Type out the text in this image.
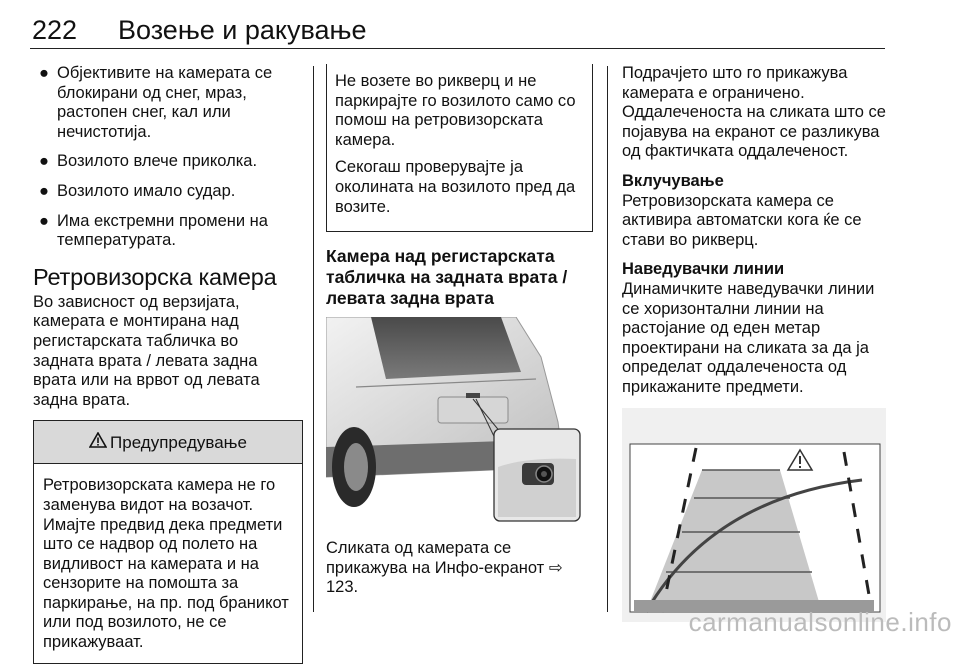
222 Возење и ракување
● Објективите на камерата се блокирани од снег, мраз, растопен снег, кал или нечистотија.
● Возилото влече приколка.
● Возилото имало судар.
● Има екстремни промени на температурата.
Ретровизорска камера

Во зависност од верзијата, камерата е монтирана над регистарската табличка во задната врата / левата задна врата или на врвот од левата задна врата.

Предупредување
Ретровизорската камера не го заменува видот на возачот. Имајте предвид дека предмети што се надвор од полето на видливост на камерата и на сензорите на помошта за паркирање, на пр. под браникот или под возилото, не се прикажуваат.

Не возете во рикверц и не паркирајте го возилото само со помош на ретровизорската камера.

Секогаш проверувајте ја околината на возилото пред да возите.

Камера над регистарската табличка на задната врата / левата задна врата

Сликата од камерата се прикажува на Инфо-екранот ⇨ 123.

Подрачјето што го прикажува камерата е ограничено. Оддалеченоста на сликата што се појавува на екранот се разликува од фактичката оддалеченост.

Вклучување

Ретровизорската камера се активира автоматски кога ќе се стави во рикверц.

Наведувачки линии

Динамичките наведувачки линии се хоризонтални линии на растојание од еден метар проектирани на сликата за да ја определат оддалеченоста од прикажаните предмети.

carmanualsonline.info
